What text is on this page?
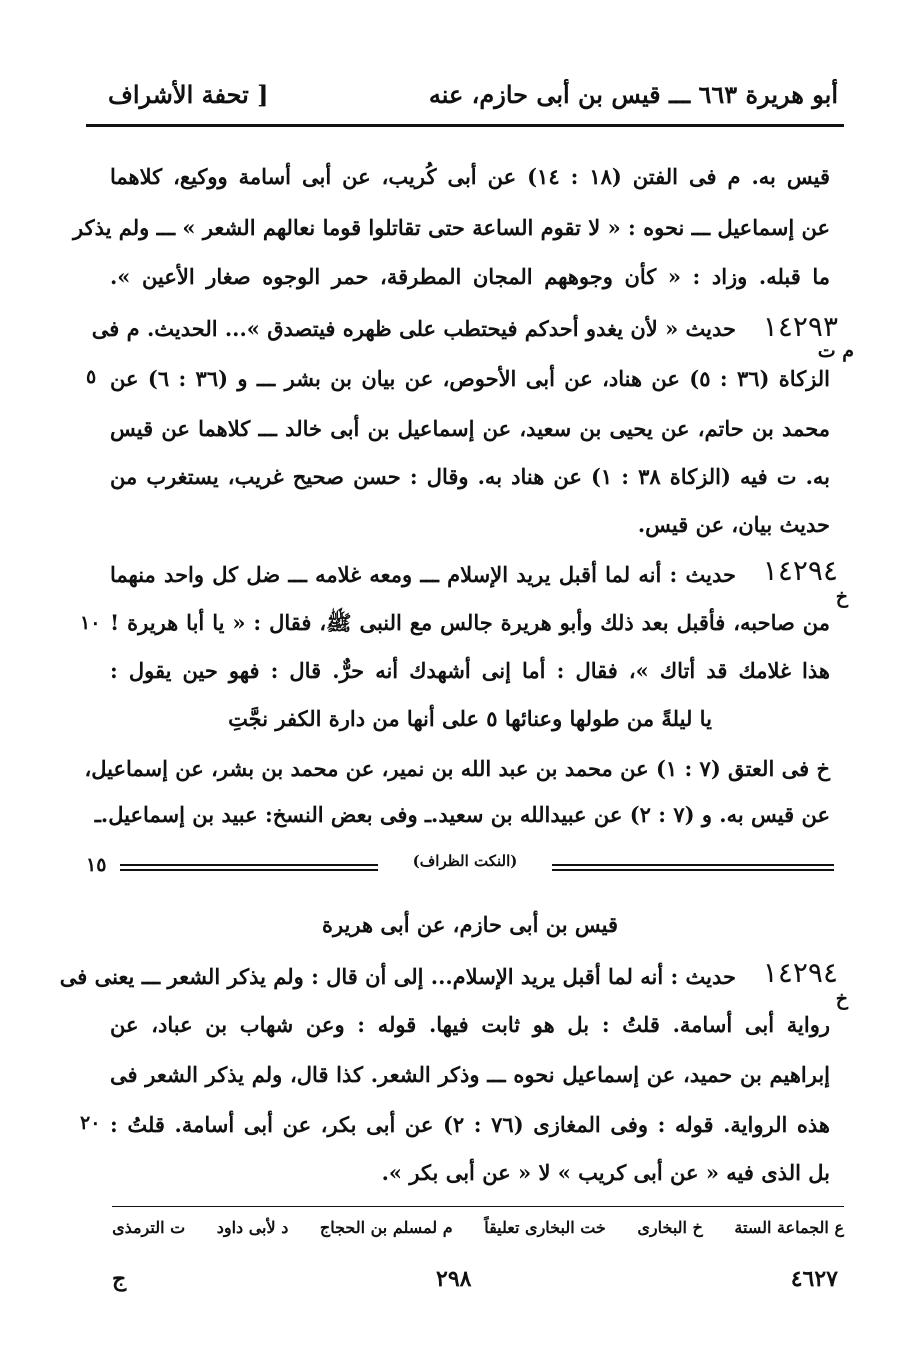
أبو هريرة ٦٦٣ ـــ قيس بن أبى حازم، عنه
[ تحفة الأشراف
قيس به. م فى الفتن (١٨ : ١٤) عن أبى كُريب، عن أبى أسامة ووكيع، كلاهما
عن إسماعيل ـــ نحوه : « لا تقوم الساعة حتى تقاتلوا قوما نعالهم الشعر » ـــ ولم يذكر
ما قبله. وزاد : « كأن وجوههم المجان المطرقة، حمر الوجوه صغار الأعين ».
١٤٢٩٣
حديث « لأن يغدو أحدكم فيحتطب على ظهره فيتصدق »... الحديث. م فى
م ت
الزكاة (٣٦ : ٥) عن هناد، عن أبى الأحوص، عن بيان بن بشر ـــ و (٣٦ : ٦) عن
٥
محمد بن حاتم، عن يحيى بن سعيد، عن إسماعيل بن أبى خالد ـــ كلاهما عن قيس
به. ت فيه (الزكاة ٣٨ : ١) عن هناد به. وقال : حسن صحيح غريب، يستغرب من
حديث بيان، عن قيس.
١٤٢٩٤
حديث : أنه لما أقبل يريد الإسلام ـــ ومعه غلامه ـــ ضل كل واحد منهما
خ
من صاحبه، فأقبل بعد ذلك وأبو هريرة جالس مع النبى ﷺ، فقال : « يا أبا هريرة !
١٠
هذا غلامك قد أتاك »، فقال : أما إنى أشهدك أنه حرٌّ. قال : فهو حين يقول :
يا ليلةً من طولها وعنائها ٥ على أنها من دارة الكفر نجَّتِ
خ فى العتق (٧ : ١) عن محمد بن عبد الله بن نمير، عن محمد بن بشر، عن إسماعيل،
عن قيس به. و (٧ : ٢) عن عبيدالله بن سعيد.ـ وفى بعض النسخ: عبيد بن إسماعيل.ـ
(النكت الظراف)
١٥
قيس بن أبى حازم، عن أبى هريرة
١٤٢٩٤
حديث : أنه لما أقبل يريد الإسلام... إلى أن قال : ولم يذكر الشعر ـــ يعنى فى
خ
رواية أبى أسامة. قلتُ : بل هو ثابت فيها. قوله : وعن شهاب بن عباد، عن
إبراهيم بن حميد، عن إسماعيل نحوه ـــ وذكر الشعر. كذا قال، ولم يذكر الشعر فى
هذه الرواية. قوله : وفى المغازى (٧٦ : ٢) عن أبى بكر، عن أبى أسامة. قلتُ :
٢٠
بل الذى فيه « عن أبى كريب » لا « عن أبى بكر ».
ع الجماعة الستة
خ البخارى
خت البخارى تعليقاً
م لمسلم بن الحجاج
د لأبى داود
ت الترمذى
٤٦٢٧
٢٩٨
ج
